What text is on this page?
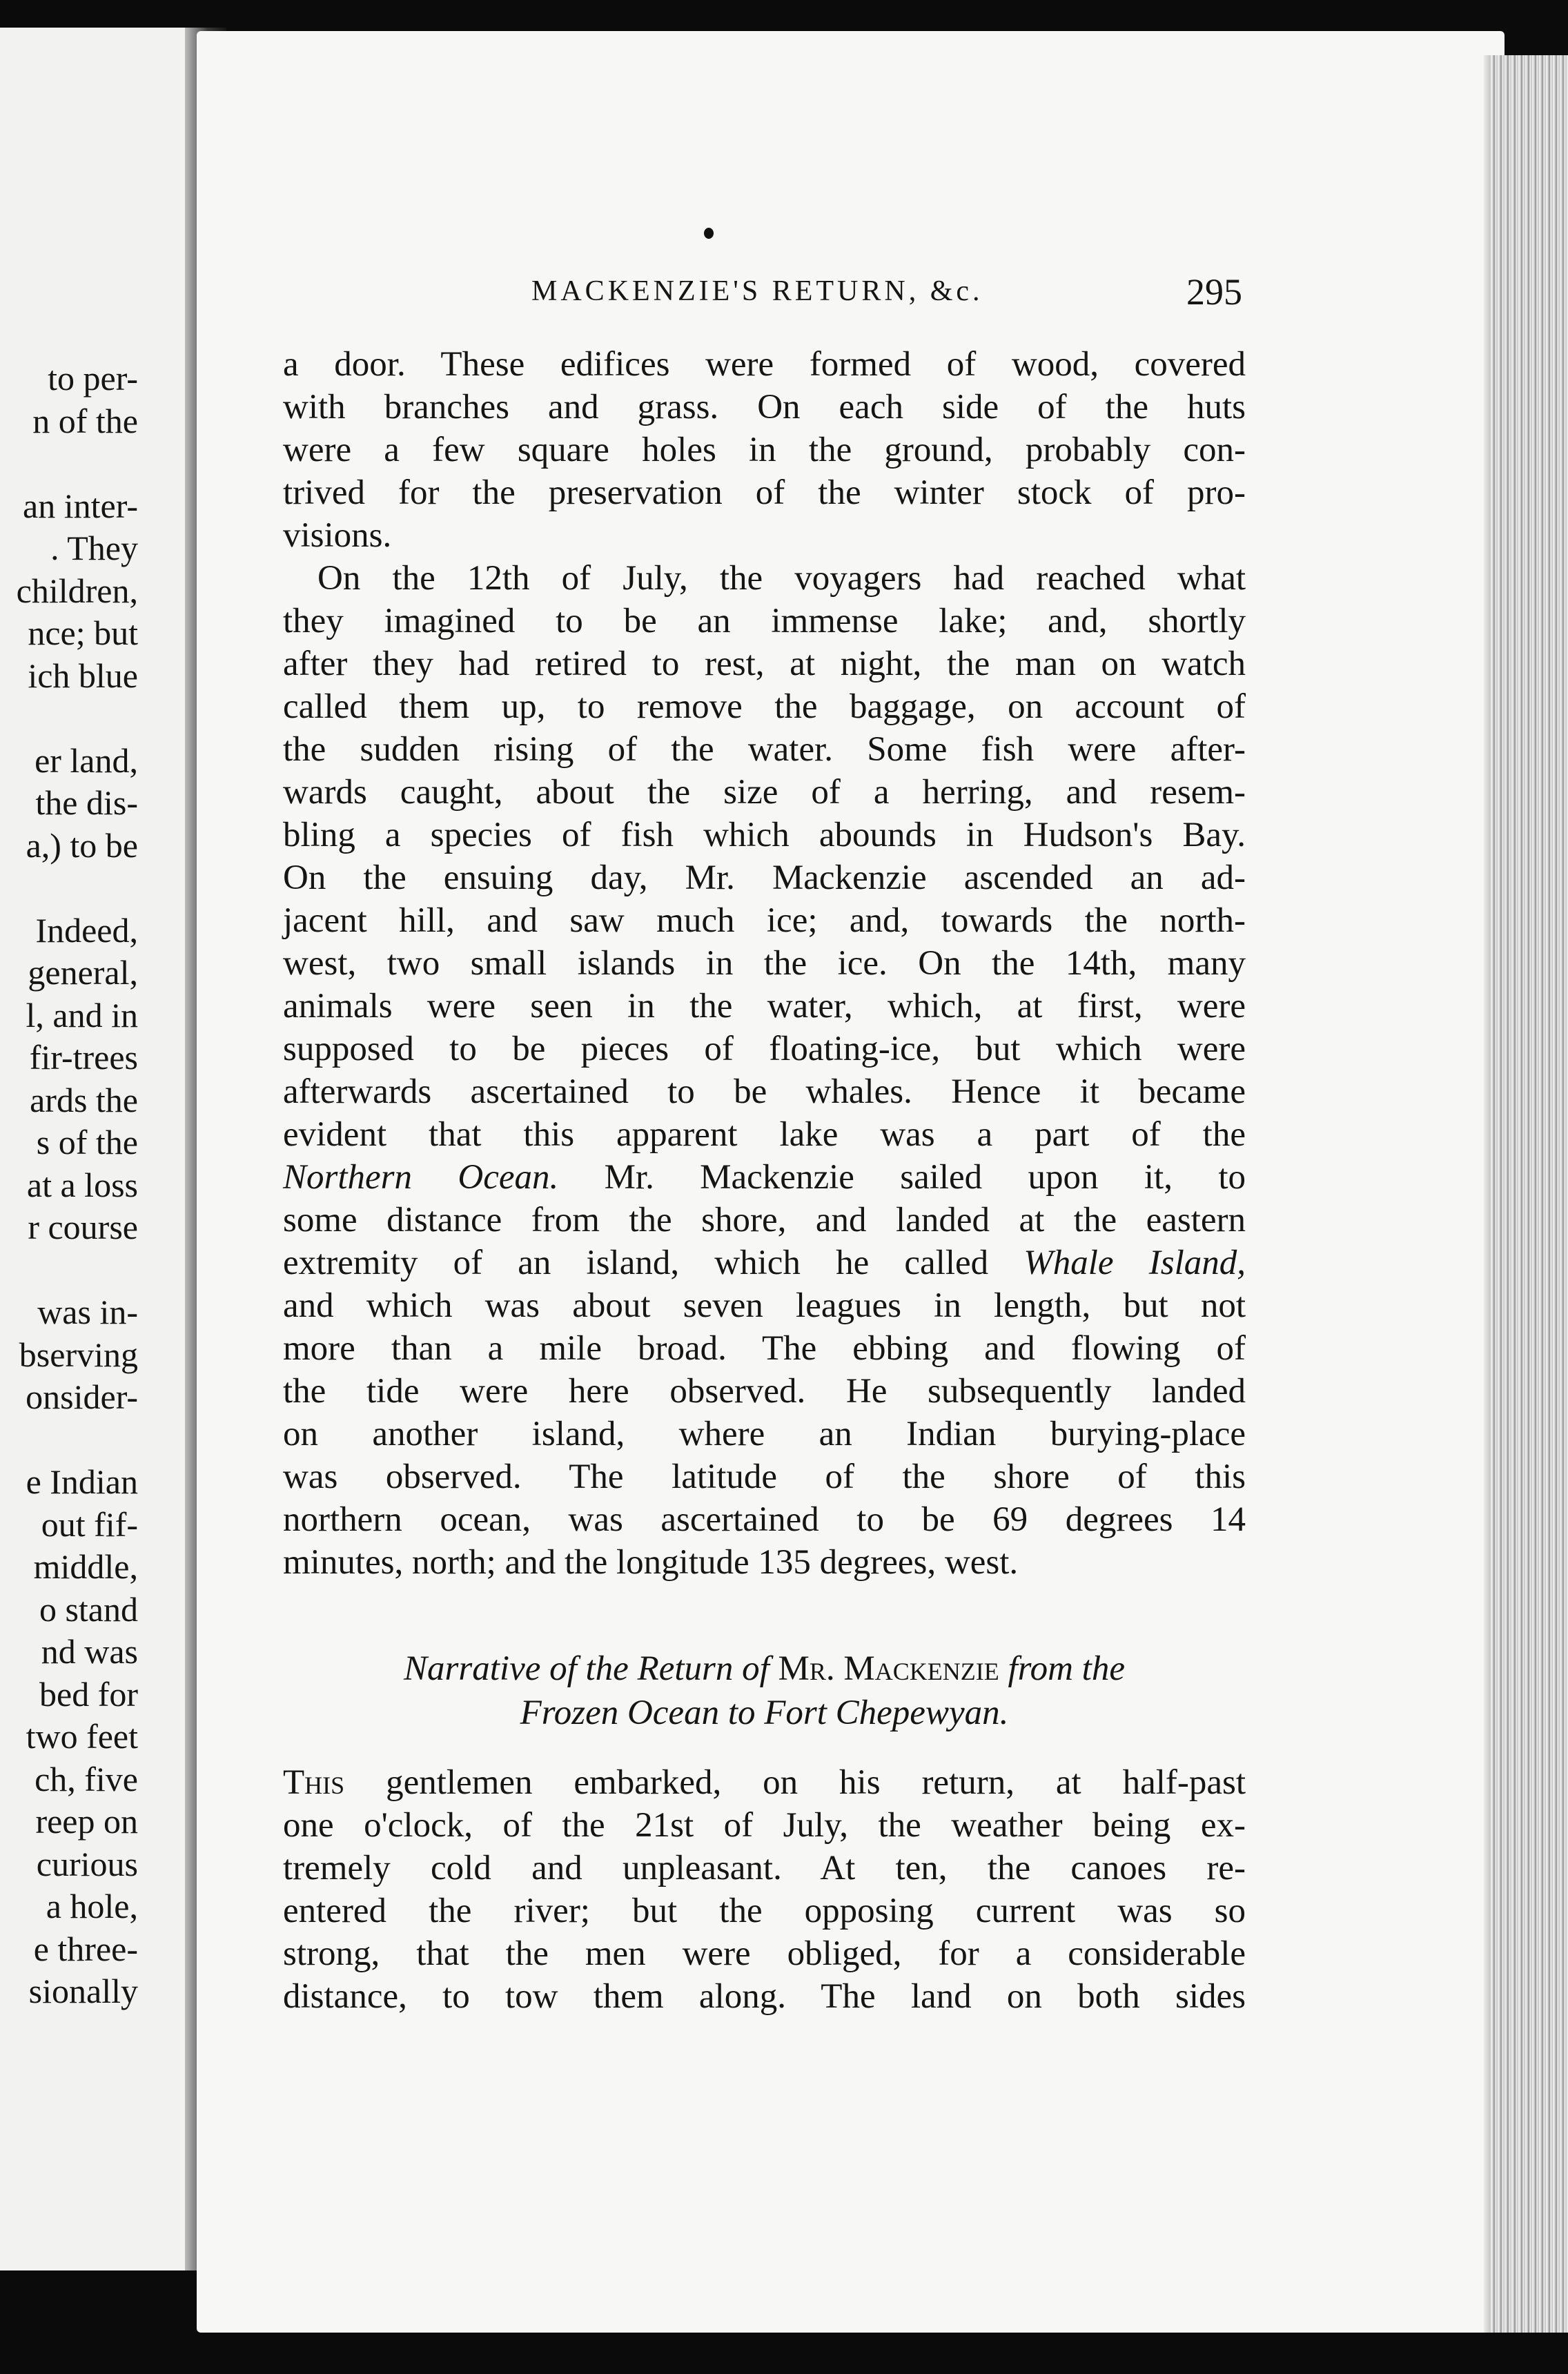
to per-
n of the
an inter-
. They
children,
nce; but
ich blue
er land,
the dis-
a,) to be
Indeed,
general,
l, and in
fir-trees
ards the
s of the
at a loss
r course
was in-
bserving
onsider-
e Indian
out fif-
middle,
o stand
nd was
bed for
two feet
ch, five
reep on
curious
a hole,
e three-
sionally
MACKENZIE'S RETURN, &c.	295
a door. These edifices were formed of wood, covered
with branches and grass. On each side of the huts
were a few square holes in the ground, probably con-
trived for the preservation of the winter stock of pro-
visions.
On the 12th of July, the voyagers had reached what
they imagined to be an immense lake; and, shortly
after they had retired to rest, at night, the man on watch
called them up, to remove the baggage, on account of
the sudden rising of the water. Some fish were after-
wards caught, about the size of a herring, and resem-
bling a species of fish which abounds in Hudson's Bay.
On the ensuing day, Mr. Mackenzie ascended an ad-
jacent hill, and saw much ice; and, towards the north-
west, two small islands in the ice. On the 14th, many
animals were seen in the water, which, at first, were
supposed to be pieces of floating-ice, but which were
afterwards ascertained to be whales. Hence it became
evident that this apparent lake was a part of the
Northern Ocean. Mr. Mackenzie sailed upon it, to
some distance from the shore, and landed at the eastern
extremity of an island, which he called Whale Island,
and which was about seven leagues in length, but not
more than a mile broad. The ebbing and flowing of
the tide were here observed. He subsequently landed
on another island, where an Indian burying-place
was observed. The latitude of the shore of this
northern ocean, was ascertained to be 69 degrees 14
minutes, north; and the longitude 135 degrees, west.
Narrative of the Return of Mr. Mackenzie from the
Frozen Ocean to Fort Chepewyan.
This gentlemen embarked, on his return, at half-past
one o'clock, of the 21st of July, the weather being ex-
tremely cold and unpleasant. At ten, the canoes re-
entered the river; but the opposing current was so
strong, that the men were obliged, for a considerable
distance, to tow them along. The land on both sides
